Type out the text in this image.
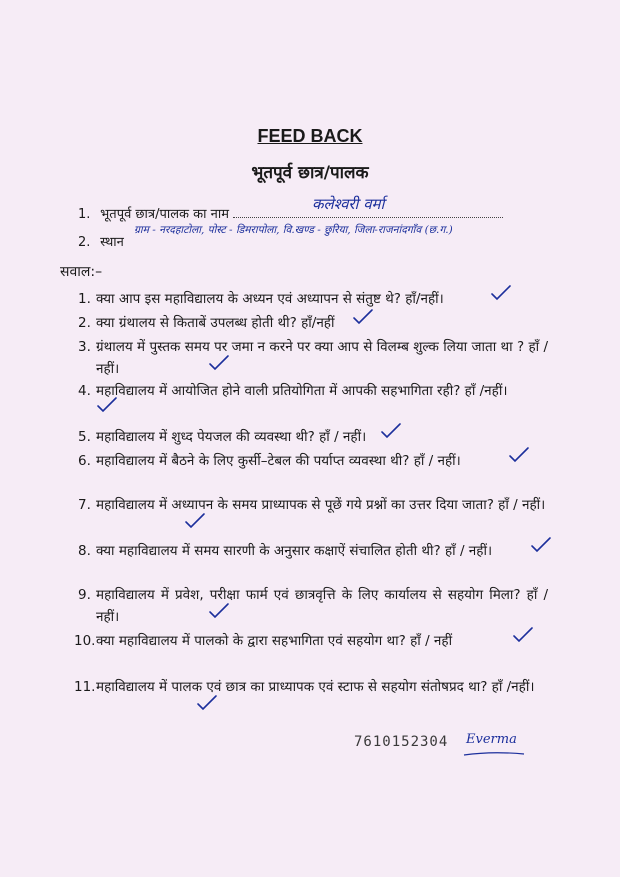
FEED BACK
भूतपूर्व छात्र/पालक
1. भूतपूर्व छात्र/पालक का नाम
कलेश्वरी वर्मा
2. स्थान
ग्राम - नरदहाटोला, पोस्ट - डिमरापोला, वि.खण्ड - छुरिया, जिला-राजनांदगाँव (छ.ग.)
सवाल:–
1. क्या आप इस महाविद्यालय के अध्यन एवं अध्यापन से संतुष्ट थे? हाँ/नहीं।
2. क्या ग्रंथालय से किताबें उपलब्ध होती थी? हाँ/नहीं
3. ग्रंथालय में पुस्तक समय पर जमा न करने पर क्या आप से विलम्ब शुल्क लिया जाता था ? हाँ / नहीं।
4. महाविद्यालय में आयोजित होने वाली प्रतियोगिता में आपकी सहभागिता रही? हाँ /नहीं।
5. महाविद्यालय में शुध्द पेयजल की व्यवस्था थी? हाँ / नहीं।
6. महाविद्यालय में बैठने के लिए कुर्सी–टेबल की पर्याप्त व्यवस्था थी? हाँ / नहीं।
7. महाविद्यालय में अध्यापन के समय प्राध्यापक से पूछें गये प्रश्नों का उत्तर दिया जाता? हाँ / नहीं।
8. क्या महाविद्यालय में समय सारणी के अनुसार कक्षाऐं संचालित होती थी? हाँ / नहीं।
9. महाविद्यालय में प्रवेश, परीक्षा फार्म एवं छात्रवृत्ति के लिए कार्यालय से सहयोग मिला? हाँ / नहीं।
10. क्या महाविद्यालय में पालको के द्वारा सहभागिता एवं सहयोग था? हाँ / नहीं
11. महाविद्यालय में पालक एवं छात्र का प्राध्यापक एवं स्टाफ से सहयोग संतोषप्रद था? हाँ /नहीं।
7610152304 Everma
